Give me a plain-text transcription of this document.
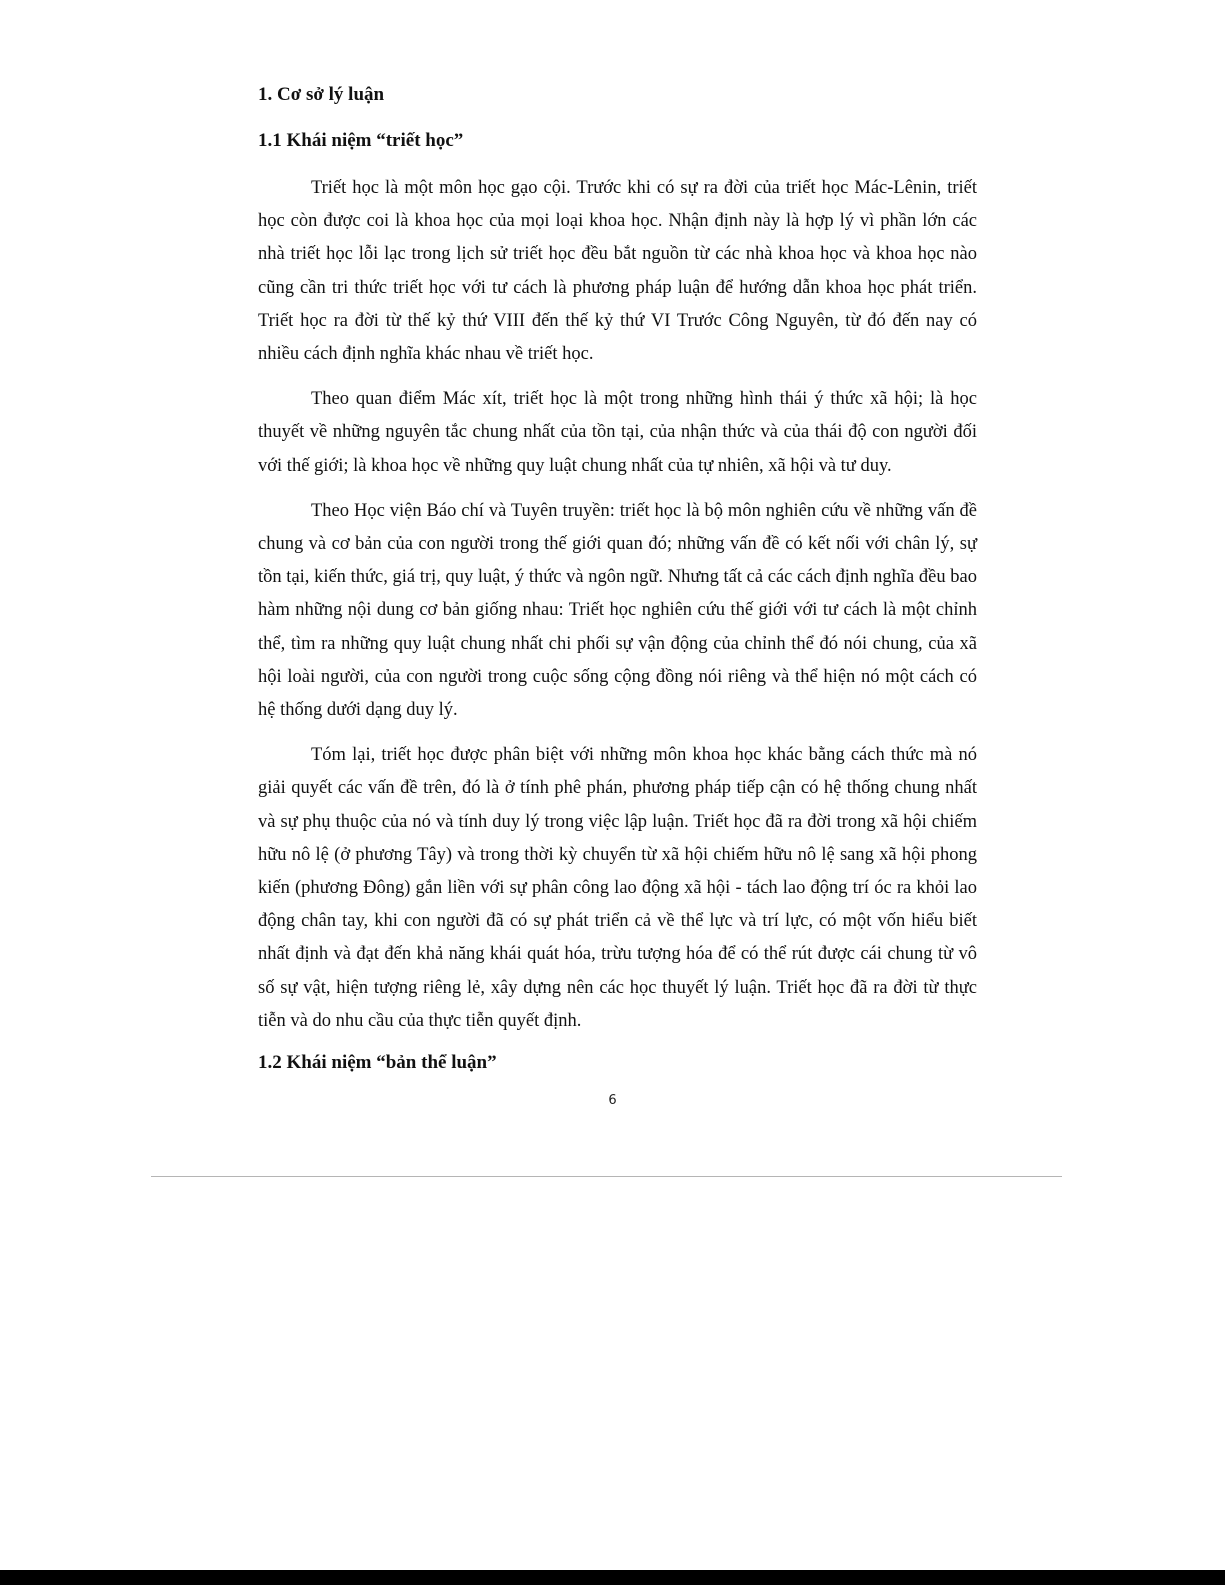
1. Cơ sở lý luận
1.1 Khái niệm “triết học”

Triết học là một môn học gạo cội. Trước khi có sự ra đời của triết học Mác-Lênin, triết học còn được coi là khoa học của mọi loại khoa học. Nhận định này là hợp lý vì phần lớn các nhà triết học lỗi lạc trong lịch sử triết học đều bắt nguồn từ các nhà khoa học và khoa học nào cũng cần tri thức triết học với tư cách là phương pháp luận để hướng dẫn khoa học phát triển. Triết học ra đời từ thế kỷ thứ VIII đến thế kỷ thứ VI Trước Công Nguyên, từ đó đến nay có nhiều cách định nghĩa khác nhau về triết học.

Theo quan điểm Mác xít, triết học là một trong những hình thái ý thức xã hội; là học thuyết về những nguyên tắc chung nhất của tồn tại, của nhận thức và của thái độ con người đối với thế giới; là khoa học về những quy luật chung nhất của tự nhiên, xã hội và tư duy.

Theo Học viện Báo chí và Tuyên truyền: triết học là bộ môn nghiên cứu về những vấn đề chung và cơ bản của con người trong thế giới quan đó; những vấn đề có kết nối với chân lý, sự tồn tại, kiến thức, giá trị, quy luật, ý thức và ngôn ngữ. Nhưng tất cả các cách định nghĩa đều bao hàm những nội dung cơ bản giống nhau: Triết học nghiên cứu thế giới với tư cách là một chỉnh thể, tìm ra những quy luật chung nhất chi phối sự vận động của chỉnh thể đó nói chung, của xã hội loài người, của con người trong cuộc sống cộng đồng nói riêng và thể hiện nó một cách có hệ thống dưới dạng duy lý.

Tóm lại, triết học được phân biệt với những môn khoa học khác bằng cách thức mà nó giải quyết các vấn đề trên, đó là ở tính phê phán, phương pháp tiếp cận có hệ thống chung nhất và sự phụ thuộc của nó và tính duy lý trong việc lập luận. Triết học đã ra đời trong xã hội chiếm hữu nô lệ (ở phương Tây) và trong thời kỳ chuyển từ xã hội chiếm hữu nô lệ sang xã hội phong kiến (phương Đông) gắn liền với sự phân công lao động xã hội - tách lao động trí óc ra khỏi lao động chân tay, khi con người đã có sự phát triển cả về thể lực và trí lực, có một vốn hiểu biết nhất định và đạt đến khả năng khái quát hóa, trừu tượng hóa để có thể rút được cái chung từ vô số sự vật, hiện tượng riêng lẻ, xây dựng nên các học thuyết lý luận. Triết học đã ra đời từ thực tiễn và do nhu cầu của thực tiễn quyết định.

1.2 Khái niệm “bản thể luận”
6
